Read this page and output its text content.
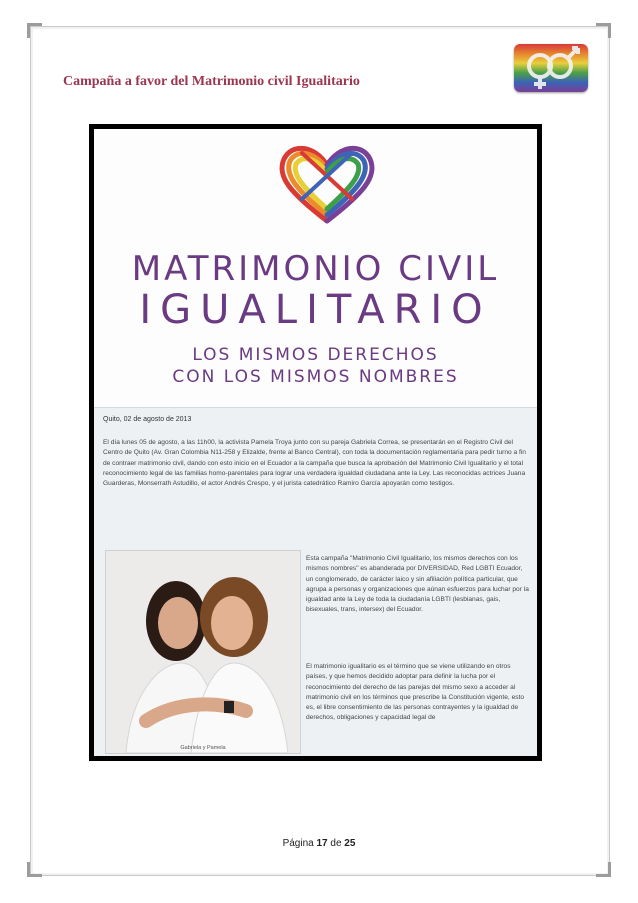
Campaña a favor del Matrimonio civil Igualitario
MATRIMONIO CIVIL
IGUALITARIO
LOS MISMOS DERECHOS
CON LOS MISMOS NOMBRES
Quito, 02 de agosto de 2013
El día lunes 05 de agosto, a las 11h00, la activista Pamela Troya junto con su pareja Gabriela Correa, se presentarán en el Registro Civil del Centro de Quito (Av. Gran Colombia N11-258 y Elizalde, frente al Banco Central), con toda la documentación reglamentaria para pedir turno a fin de contraer matrimonio civil, dando con esto inicio en el Ecuador a la campaña que busca la aprobación del Matrimonio Civil Igualitario y el total reconocimiento legal de las familias homo-parentales para lograr una verdadera igualdad ciudadana ante la Ley. Las reconocidas actrices Juana Guarderas, Monserrath Astudillo, el actor Andrés Crespo, y el jurista catedrático Ramiro García apoyarán como testigos.
Gabriela y Pamela
Esta campaña "Matrimonio Civil Igualitario, los mismos derechos con los mismos nombres" es abanderada por DIVERSIDAD, Red LGBTI Ecuador, un conglomerado, de carácter laico y sin afiliación política particular, que agrupa a personas y organizaciones que aúnan esfuerzos para luchar por la igualdad ante la Ley de toda la ciudadanía LGBTI (lesbianas, gais, bisexuales, trans, intersex) del Ecuador.
El matrimonio igualitario es el término que se viene utilizando en otros países, y que hemos decidido adoptar para definir la lucha por el reconocimiento del derecho de las parejas del mismo sexo a acceder al matrimonio civil en los términos que prescribe la Constitución vigente, esto es, el libre consentimiento de las personas contrayentes y la igualdad de derechos, obligaciones y capacidad legal de
Página 17 de 25
